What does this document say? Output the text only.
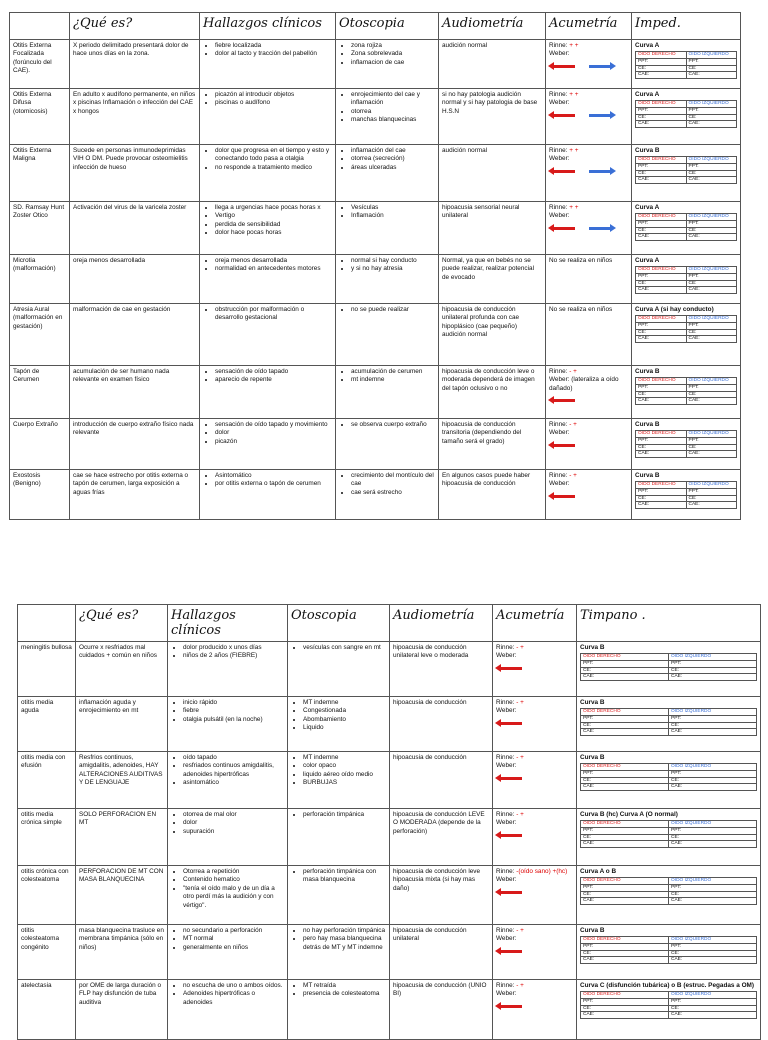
	¿Qué es?	Hallazgos clínicos	Otoscopia	Audiometría	Acumetría	Imped.
Otitis Externa Focalizada (forúnculo del CAE).	X periodo delimitado presentará dolor de hace unos días en la zona.	
• fiebre localizada
• dolor al tacto y tracción del pabellón

• zona rojiza
• Zona sobrelevada
• inflamacion de cae
	audición normal	Rinne: + +
Weber:

Curva A
OIDO DERECHO	OIDO IZQUIERDO
PPT:	PPT:
CE:	CE:
CAE:	CAE:

Otitis Externa Difusa (otomicosis)	En adulto x audífono permanente, en niños x piscinas Inflamación o infección del CAE x hongos	
• picazón al introducir objetos
• piscinas o audífono

• enrojecimiento del cae y inflamación
• otorrea
• manchas blanquecinas
	si no hay patologia audición normal y si hay patologia de base H.S.N	
Rinne: + +
Weber:

Curva A
OIDO DERECHO	OIDO IZQUIERDO
PPT:	PPT:
CE:	CE:
CAE:	CAE:

Otitis Externa Maligna	Sucede en personas inmunodeprimidas VIH O DM. Puede provocar osteomielitis infección de hueso	
• dolor que progresa en el tiempo y esto y conectando todo pasa a otalgia
• no responde a tratamiento medico

• inflamación del cae
• otorrea (secreción)
• áreas ulceradas
	audición normal	Rinne: + +
Weber:

Curva B
OIDO DERECHO	OIDO IZQUIERDO
PPT:	PPT:
CE:	CE:
CAE:	CAE:

SD. Ramsay Hunt Zoster Otico	Activación del virus de la varicela zoster	
•llega a urgencias hace pocas horas x
• Vertigo
• perdida de sensibilidad
• dolor hace pocas horas

• Vesículas
• Inflamación
	hipoacusia sensorial neural unilateral	
Rinne: + +
Weber:

Curva A
OIDO DERECHO	OIDO IZQUIERDO
PPT:	PPT:
CE:	CE:
CAE:	CAE:

Microtia (malformación)	oreja menos desarrollada	
•oreja menos desarrollada
• normalidad en antecedentes motores

• normal si hay conducto
• y si no hay atresia
	Normal, ya que en bebés no se puede realizar, realizar potencial de evocado	
No se realiza en niños	Curva A
OIDO DERECHO	OIDO IZQUIERDO
PPT:	PPT:
CE:	CE:
CAE:	CAE:

Atresia Aural (malformación en gestación)	malformación de cae en gestación	
•obstrucción por malformación o desarrollo gestacional

• no se puede realizar	hipoacusia de conducción unilateral profunda con cae hipoplásico (cae pequeño) audición normal	
No se realiza en niños	Curva A (si hay conducto)
OIDO DERECHO	OIDO IZQUIERDO
PPT:	PPT:
CE:	CE:
CAE:	CAE:

Tapón de Cerumen	acumulación de ser humano nada relevante en examen físico	
• sensación de oído tapado
• aparecio de repente

• acumulación de cerumen
• mt indemne
	hipoacusia de conducción leve o moderada dependerá de imagen del tapón oclusivo o no	
Rinne: - +
Weber: (lateraliza a oído dañado)

Curva B
OIDO DERECHO	OIDO IZQUIERDO
PPT:	PPT:
CE:	CE:
CAE:	CAE:

Cuerpo Extraño	introducción de cuerpo extraño físico nada relevante	
• sensación de oído tapado y movimiento
• dolor
• picazón

• se observa cuerpo extraño	hipoacusia de conducción transitoria (dependiendo del tamaño será el grado)	
Rinne: - +
Weber:

Curva B
OIDO DERECHO	OIDO IZQUIERDO
PPT:	PPT:
CE:	CE:
CAE:	CAE:

Exostosis (Benigno)	cae se hace estrecho por otitis externa o tapón de cerumen, larga exposición a aguas frías	
• Asintomático
• por otitis externa o tapón de cerumen

• crecimiento del montículo del cae
• cae será estrecho
	En algunos casos puede haber hipoacusia de conducción	
Rinne: - +
Weber:

Curva B
OIDO DERECHO	OIDO IZQUIERDO
PPT:	PPT:
CE:	CE:
CAE:	CAE:
	¿Qué es?	Hallazgos clínicos	Otoscopia	Audiometría	Acumetría	Timpano .
meningitis bullosa	Ocurre x resfriados mal cuidados + común en niños	
• dolor producido x unos días
• niños de 2 años (FIEBRE)

• vesículas con sangre en mt	hipoacusia de conducción unilateral leve o moderada	
Rinne: - +
Weber:

Curva B
OIDO DERECHO	OIDO IZQUIERDO
PPT:	PPT:
CE:	CE:
CAE:	CAE:

otitis media aguda	inflamación aguda y enrojecimiento en mt	
• inicio rápido
• fiebre
• otalgia pulsátil (en la noche)

• MT indemne
• Congestionada
• Abombamiento
• Liquido
	hipoacusia de conducción	Rinne: - +
Weber:

Curva B
OIDO DERECHO	OIDO IZQUIERDO
PPT:	PPT:
CE:	CE:
CAE:	CAE:

otitis media con efusión	Resfrios continuos, amigdalitis, adenoides, HAY ALTERACIONES AUDITIVAS Y DE LENGUAJE	
• oído tapado
• resfriados continuos amigdalitis, adenoides hipertróficas
• asintomático

• MT indemne
• color opaco
• liquido aéreo oído medio
• BURBUJAS
	hipoacusia de conducción	Rinne: - +
Weber:

Curva B
OIDO DERECHO	OIDO IZQUIERDO
PPT:	PPT:
CE:	CE:
CAE:	CAE:

otitis media crónica simple	SOLO PERFORACION EN MT	
• otorrea de mal olor
• dolor
• supuración

• perforación timpánica	hipoacusia de conducción LEVE O MODERADA (depende de la perforación)	
Rinne: - +
Weber:

Curva B (hc) Curva A (O normal)
OIDO DERECHO	OIDO IZQUIERDO
PPT:	PPT:
CE:	CE:
CAE:	CAE:

otitis crónica con colesteatoma	PERFORACION DE MT CON MASA BLANQUECINA	
• Otorrea a repetición
• Contenido hematico
• "tenía el oído malo y de un día a otro perdí más la audición y con vértigo".

• perforación timpánica con masa blanquecina
	hipoacusia de conducción leve hipoacusia mixta (si hay mas daño)	
Rinne: -(oído sano) +(hc)
Weber:

Curva A o B
OIDO DERECHO	OIDO IZQUIERDO
PPT:	PPT:
CE:	CE:
CAE:	CAE:

otitis colesteatoma congénito	masa blanquecina trasluce en membrana timpánica (sólo en niños)	
• no secundario a perforación
• MT normal
• generalmente en niños

• no hay perforación timpánica
• pero hay masa blanquecina detrás de MT y MT indemne
	hipoacusia de conducción unilateral	
Rinne: - +
Weber:

Curva B
OIDO DERECHO	OIDO IZQUIERDO
PPT:	PPT:
CE:	CE:
CAE:	CAE:

atelectasia	por OME de larga duración o FLP hay disfunción de tuba auditiva	
• no escucha de uno o ambos oídos.
• Adenoides hipertróficas o adenoides

• MT retraída
• presencia de colesteatoma
	hipoacusia de conducción (UNIO BI)	
Rinne: - +
Weber:

Curva C (disfunción tubárica) o B (estruc. Pegadas a OM)
OIDO DERECHO	OIDO IZQUIERDO
PPT:	PPT:
CE:	CE:
CAE:	CAE:
